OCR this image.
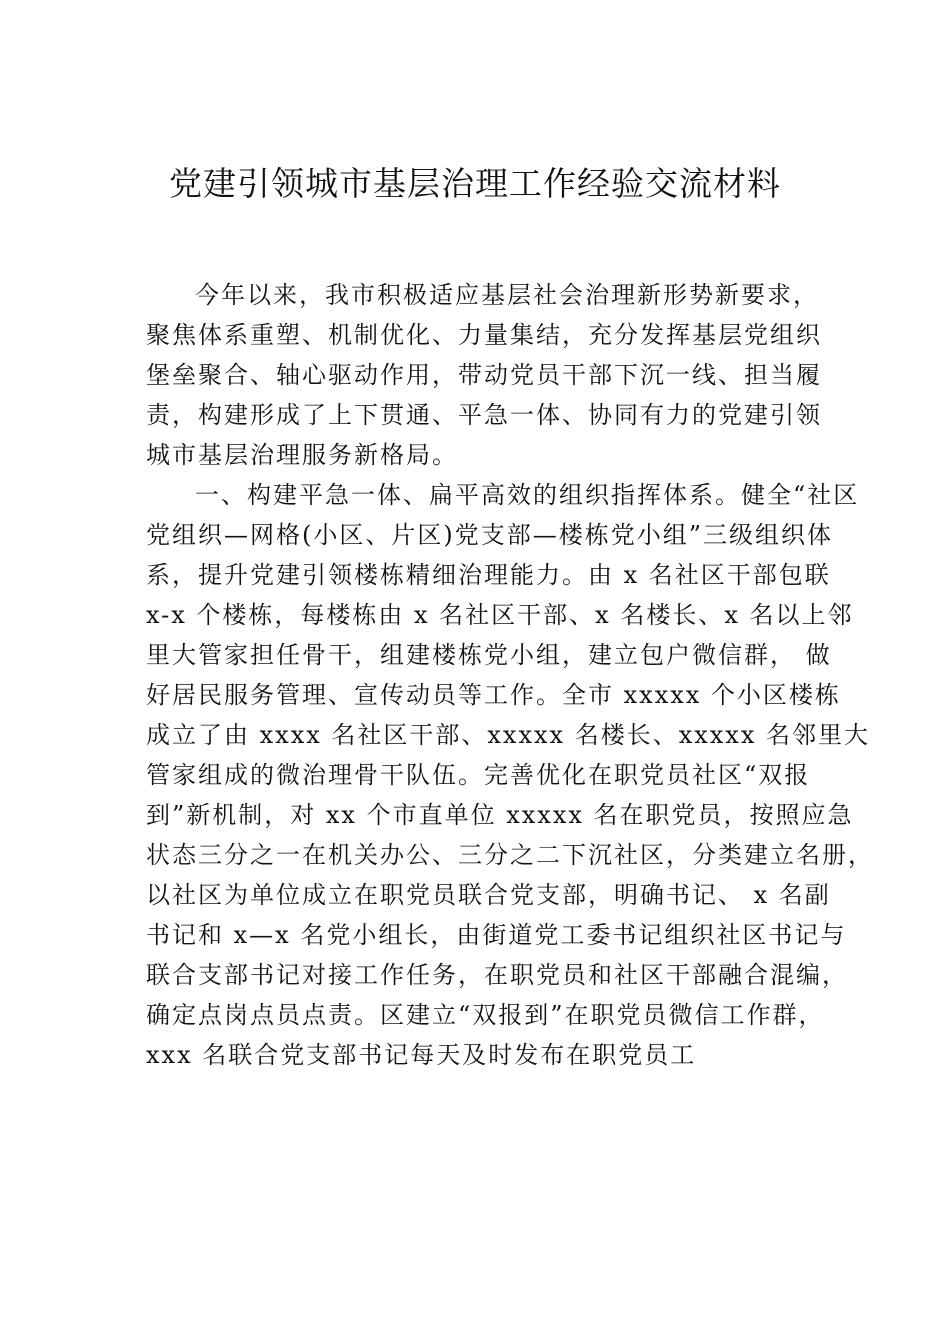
党建引领城市基层治理工作经验交流材料
今年以来，我市积极适应基层社会治理新形势新要求，
聚焦体系重塑、机制优化、力量集结，充分发挥基层党组织
堡垒聚合、轴心驱动作用，带动党员干部下沉一线、担当履
责，构建形成了上下贯通、平急一体、协同有力的党建引领
城市基层治理服务新格局。
一、构建平急一体、扁平高效的组织指挥体系。健全“社区
党组织—网格(小区、片区)党支部—楼栋党小组”三级组织体
系，提升党建引领楼栋精细治理能力。由 x 名社区干部包联
x-x 个楼栋，每楼栋由 x 名社区干部、x 名楼长、x 名以上邻
里大管家担任骨干，组建楼栋党小组，建立包户微信群， 做
好居民服务管理、宣传动员等工作。全市 xxxxx 个小区楼栋
成立了由 xxxx 名社区干部、xxxxx 名楼长、xxxxx 名邻里大
管家组成的微治理骨干队伍。完善优化在职党员社区“双报
到”新机制，对 xx 个市直单位 xxxxx 名在职党员，按照应急
状态三分之一在机关办公、三分之二下沉社区，分类建立名册，
以社区为单位成立在职党员联合党支部，明确书记、 x 名副
书记和 x—x 名党小组长，由街道党工委书记组织社区书记与
联合支部书记对接工作任务，在职党员和社区干部融合混编，
确定点岗点员点责。区建立“双报到”在职党员微信工作群，
xxx 名联合党支部书记每天及时发布在职党员工
